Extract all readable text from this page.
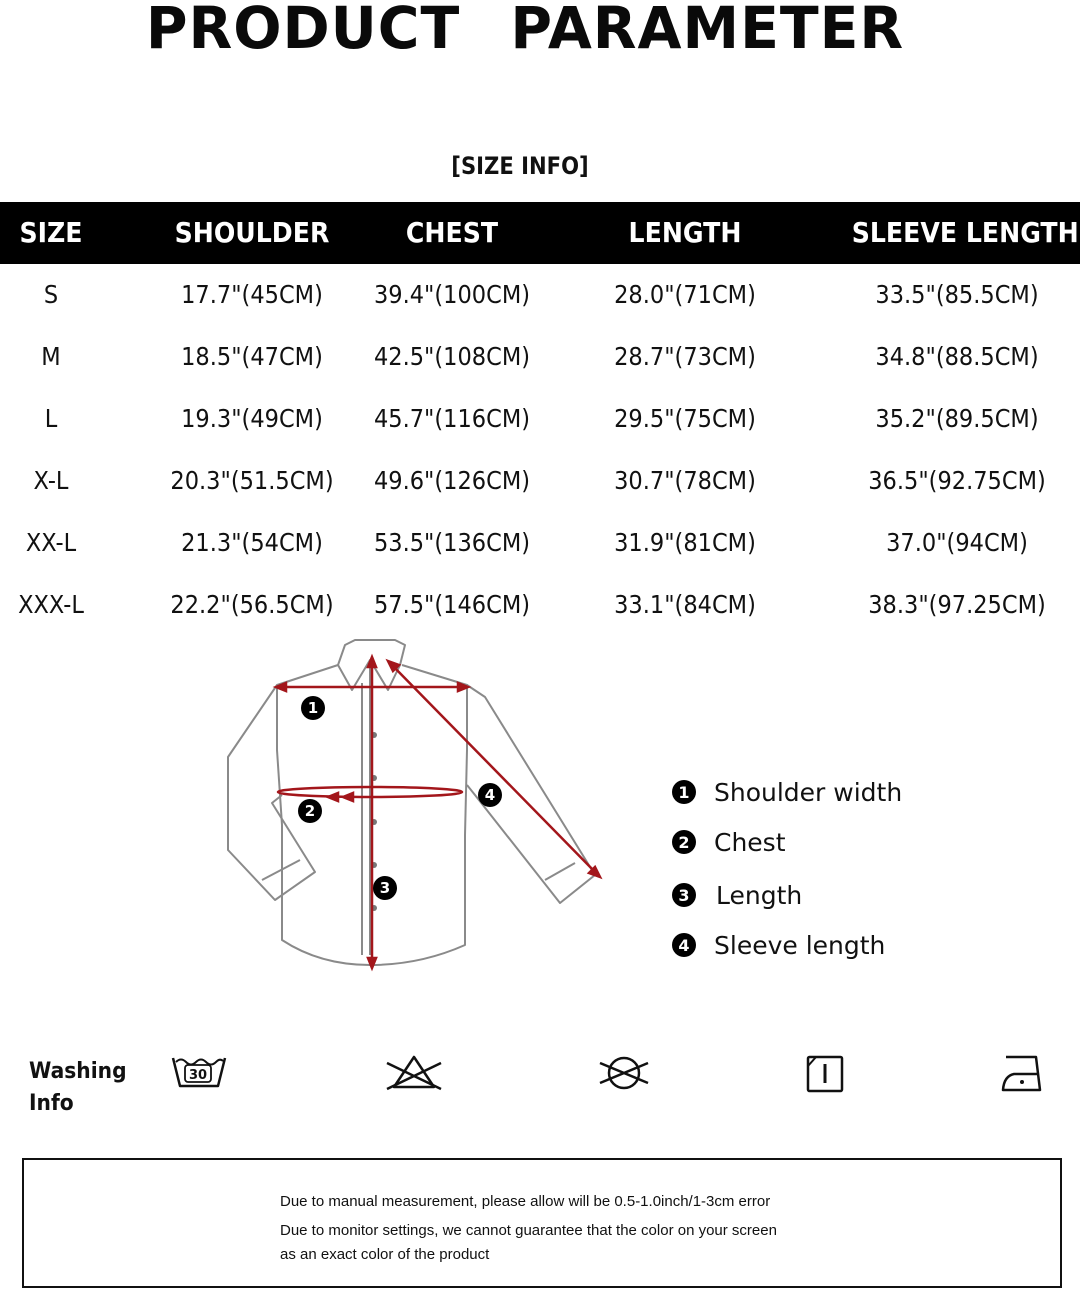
PRODUCT PARAMETER
[SIZE INFO]
SIZE	SHOULDER	CHEST	LENGTH	SLEEVE LENGTH
S	17.7"(45CM)	39.4"(100CM)	28.0"(71CM)	33.5"(85.5CM)
M	18.5"(47CM)	42.5"(108CM)	28.7"(73CM)	34.8"(88.5CM)
L	19.3"(49CM)	45.7"(116CM)	29.5"(75CM)	35.2"(89.5CM)
X-L	20.3"(51.5CM)	49.6"(126CM)	30.7"(78CM)	36.5"(92.75CM)
XX-L	21.3"(54CM)	53.5"(136CM)	31.9"(81CM)	37.0"(94CM)
XXX-L	22.2"(56.5CM)	57.5"(146CM)	33.1"(84CM)	38.3"(97.25CM)
1
2
3
4	1 Shoulder width
2 Chest
3 Length
4 Sleeve length
Washing
Info
30
Due to manual measurement, please allow will be 0.5-1.0inch/1-3cm error
Due to monitor settings, we cannot guarantee that the color on your screen
as an exact color of the product
